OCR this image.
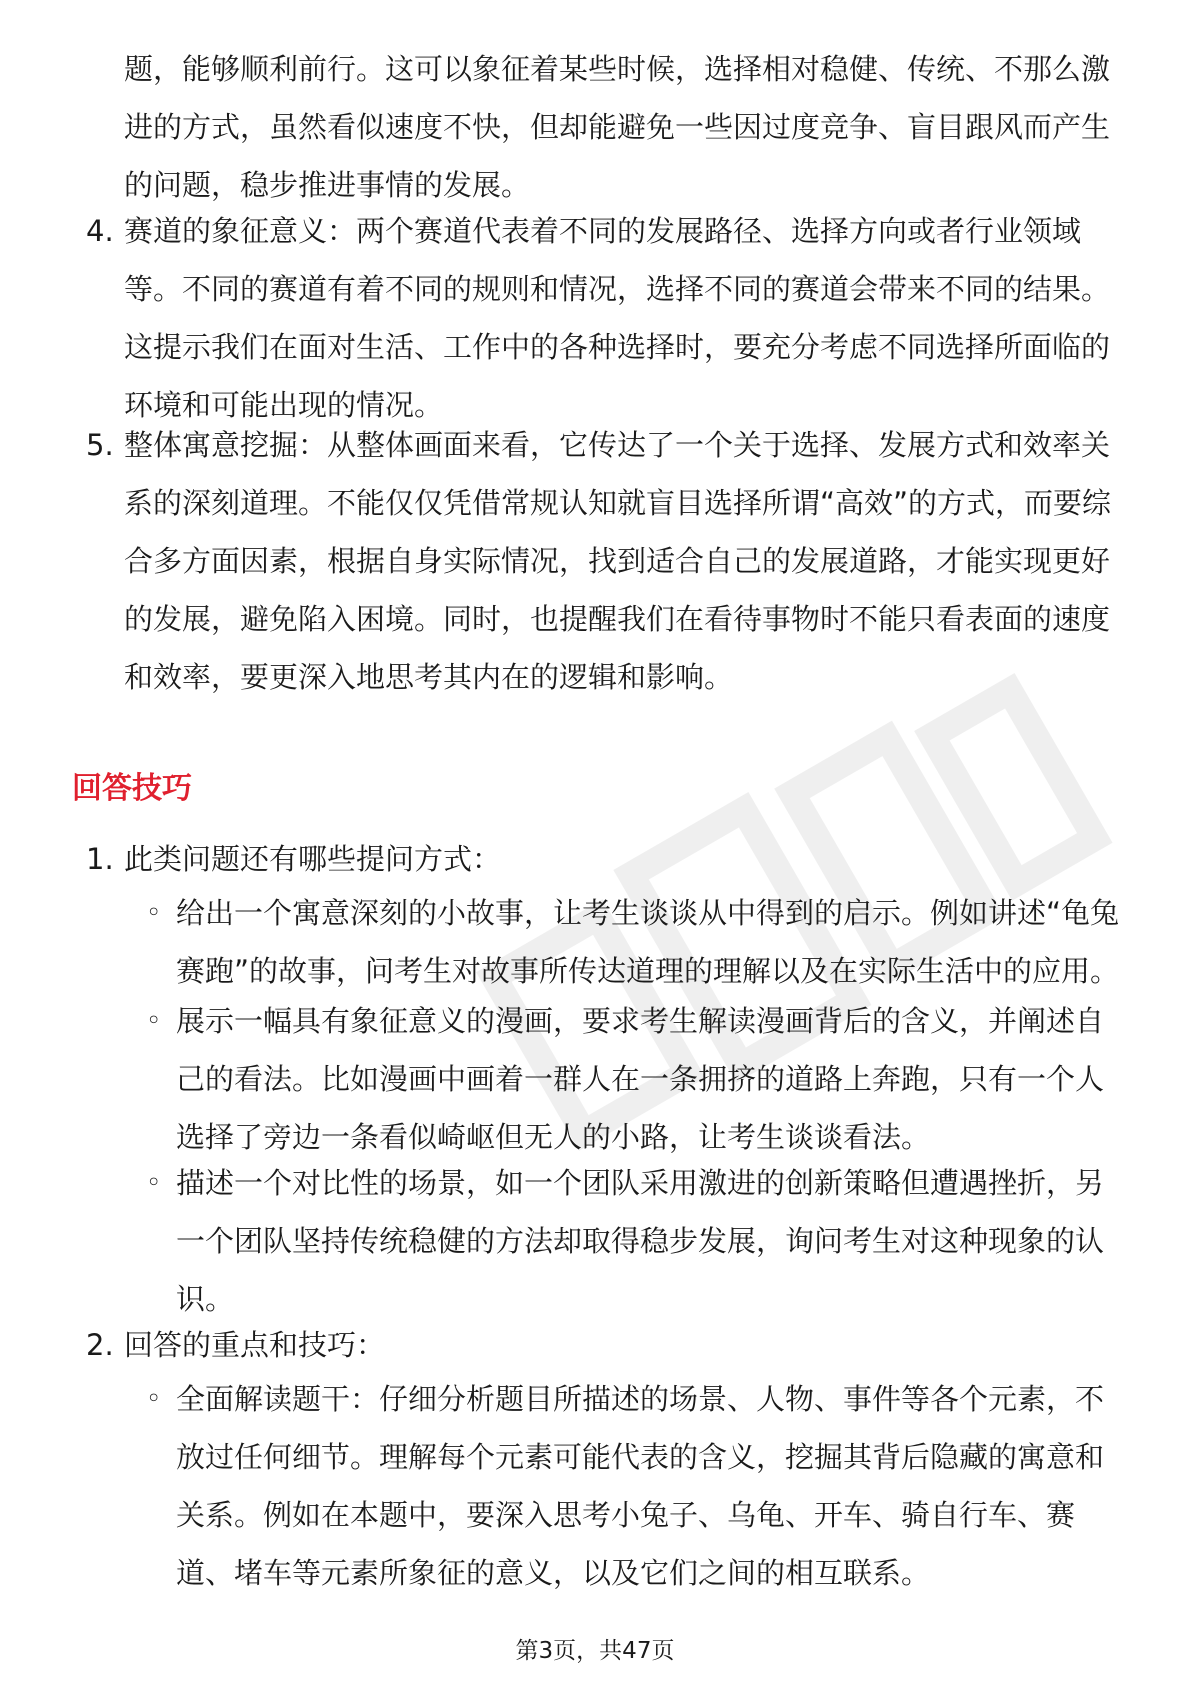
题，能够顺利前行。这可以象征着某些时候，选择相对稳健、传统、不那么激
进的方式，虽然看似速度不快，但却能避免一些因过度竞争、盲目跟风而产生
的问题，稳步推进事情的发展。

4. 赛道的象征意义：两个赛道代表着不同的发展路径、选择方向或者行业领域
等。不同的赛道有着不同的规则和情况，选择不同的赛道会带来不同的结果。
这提示我们在面对生活、工作中的各种选择时，要充分考虑不同选择所面临的
环境和可能出现的情况。

5. 整体寓意挖掘：从整体画面来看，它传达了一个关于选择、发展方式和效率关
系的深刻道理。不能仅仅凭借常规认知就盲目选择所谓“高效”的方式，而要综
合多方面因素，根据自身实际情况，找到适合自己的发展道路，才能实现更好
的发展，避免陷入困境。同时，也提醒我们在看待事物时不能只看表面的速度
和效率，要更深入地思考其内在的逻辑和影响。

回答技巧
1. 此类问题还有哪些提问方式：

◦ 给出一个寓意深刻的小故事，让考生谈谈从中得到的启示。例如讲述“龟兔
赛跑”的故事，问考生对故事所传达道理的理解以及在实际生活中的应用。

◦ 展示一幅具有象征意义的漫画，要求考生解读漫画背后的含义，并阐述自
己的看法。比如漫画中画着一群人在一条拥挤的道路上奔跑，只有一个人
选择了旁边一条看似崎岖但无人的小路，让考生谈谈看法。

◦ 描述一个对比性的场景，如一个团队采用激进的创新策略但遭遇挫折，另
一个团队坚持传统稳健的方法却取得稳步发展，询问考生对这种现象的认
识。

2. 回答的重点和技巧：

◦ 全面解读题干：仔细分析题目所描述的场景、人物、事件等各个元素，不
放过任何细节。理解每个元素可能代表的含义，挖掘其背后隐藏的寓意和
关系。例如在本题中，要深入思考小兔子、乌龟、开车、骑自行车、赛
道、堵车等元素所象征的意义，以及它们之间的相互联系。

第3页，共47页
